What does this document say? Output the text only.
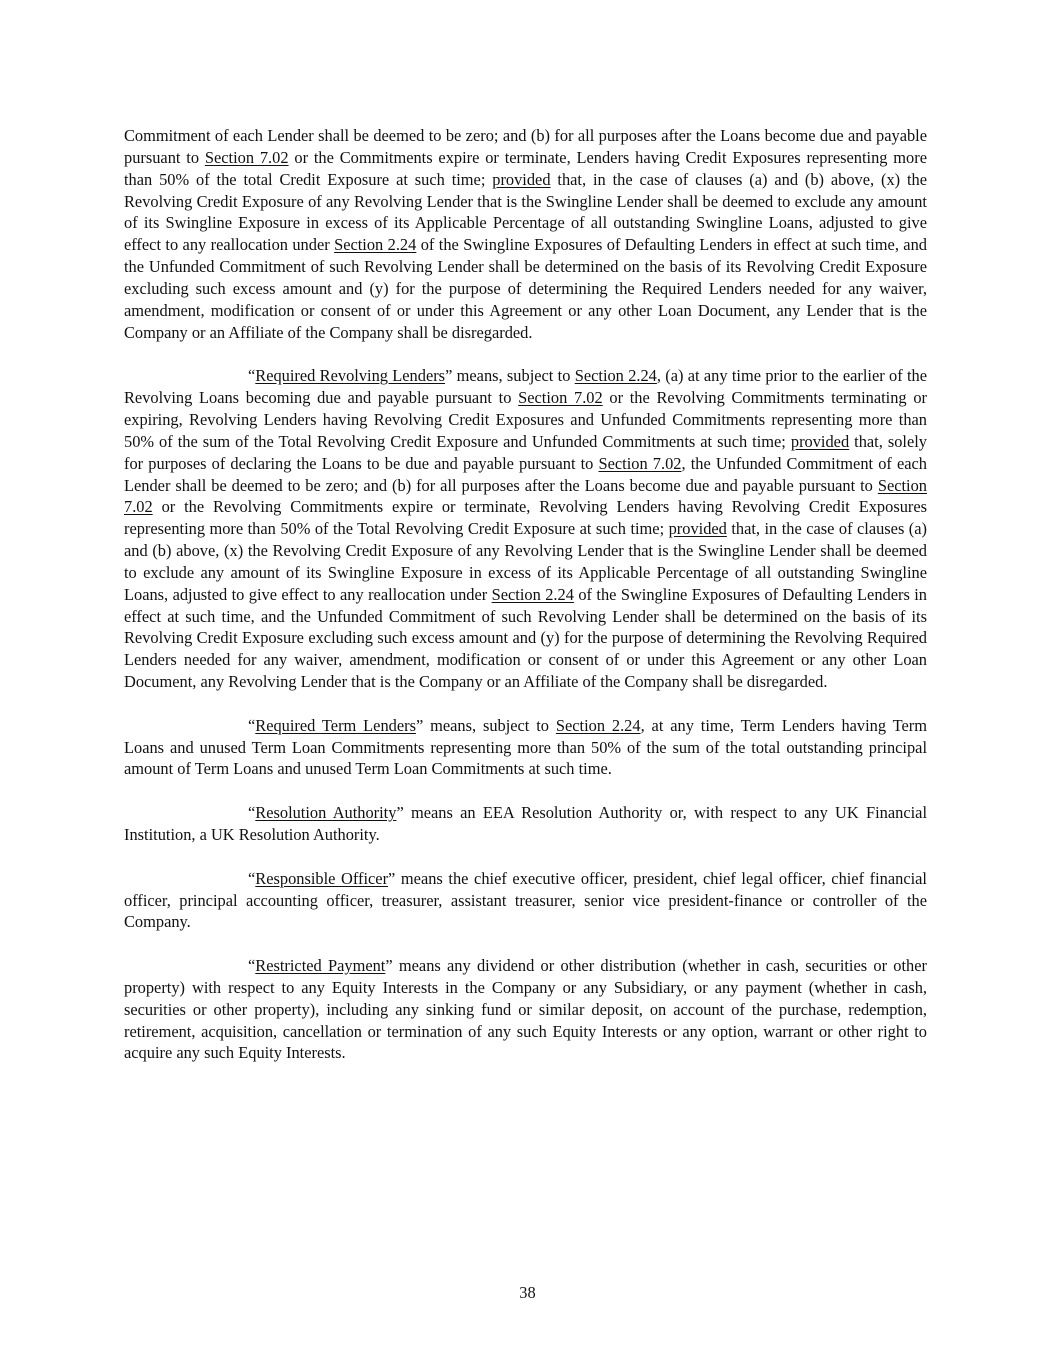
Commitment of each Lender shall be deemed to be zero; and (b) for all purposes after the Loans become due and payable pursuant to Section 7.02 or the Commitments expire or terminate, Lenders having Credit Exposures representing more than 50% of the total Credit Exposure at such time; provided that, in the case of clauses (a) and (b) above, (x) the Revolving Credit Exposure of any Revolving Lender that is the Swingline Lender shall be deemed to exclude any amount of its Swingline Exposure in excess of its Applicable Percentage of all outstanding Swingline Loans, adjusted to give effect to any reallocation under Section 2.24 of the Swingline Exposures of Defaulting Lenders in effect at such time, and the Unfunded Commitment of such Revolving Lender shall be determined on the basis of its Revolving Credit Exposure excluding such excess amount and (y) for the purpose of determining the Required Lenders needed for any waiver, amendment, modification or consent of or under this Agreement or any other Loan Document, any Lender that is the Company or an Affiliate of the Company shall be disregarded.

“Required Revolving Lenders” means, subject to Section 2.24, (a) at any time prior to the earlier of the Revolving Loans becoming due and payable pursuant to Section 7.02 or the Revolving Commitments terminating or expiring, Revolving Lenders having Revolving Credit Exposures and Unfunded Commitments representing more than 50% of the sum of the Total Revolving Credit Exposure and Unfunded Commitments at such time; provided that, solely for purposes of declaring the Loans to be due and payable pursuant to Section 7.02, the Unfunded Commitment of each Lender shall be deemed to be zero; and (b) for all purposes after the Loans become due and payable pursuant to Section 7.02 or the Revolving Commitments expire or terminate, Revolving Lenders having Revolving Credit Exposures representing more than 50% of the Total Revolving Credit Exposure at such time; provided that, in the case of clauses (a) and (b) above, (x) the Revolving Credit Exposure of any Revolving Lender that is the Swingline Lender shall be deemed to exclude any amount of its Swingline Exposure in excess of its Applicable Percentage of all outstanding Swingline Loans, adjusted to give effect to any reallocation under Section 2.24 of the Swingline Exposures of Defaulting Lenders in effect at such time, and the Unfunded Commitment of such Revolving Lender shall be determined on the basis of its Revolving Credit Exposure excluding such excess amount and (y) for the purpose of determining the Revolving Required Lenders needed for any waiver, amendment, modification or consent of or under this Agreement or any other Loan Document, any Revolving Lender that is the Company or an Affiliate of the Company shall be disregarded.

“Required Term Lenders” means, subject to Section 2.24, at any time, Term Lenders having Term Loans and unused Term Loan Commitments representing more than 50% of the sum of the total outstanding principal amount of Term Loans and unused Term Loan Commitments at such time.

“Resolution Authority” means an EEA Resolution Authority or, with respect to any UK Financial Institution, a UK Resolution Authority.

“Responsible Officer” means the chief executive officer, president, chief legal officer, chief financial officer, principal accounting officer, treasurer, assistant treasurer, senior vice president-finance or controller of the Company.

“Restricted Payment” means any dividend or other distribution (whether in cash, securities or other property) with respect to any Equity Interests in the Company or any Subsidiary, or any payment (whether in cash, securities or other property), including any sinking fund or similar deposit, on account of the purchase, redemption, retirement, acquisition, cancellation or termination of any such Equity Interests or any option, warrant or other right to acquire any such Equity Interests.

38
